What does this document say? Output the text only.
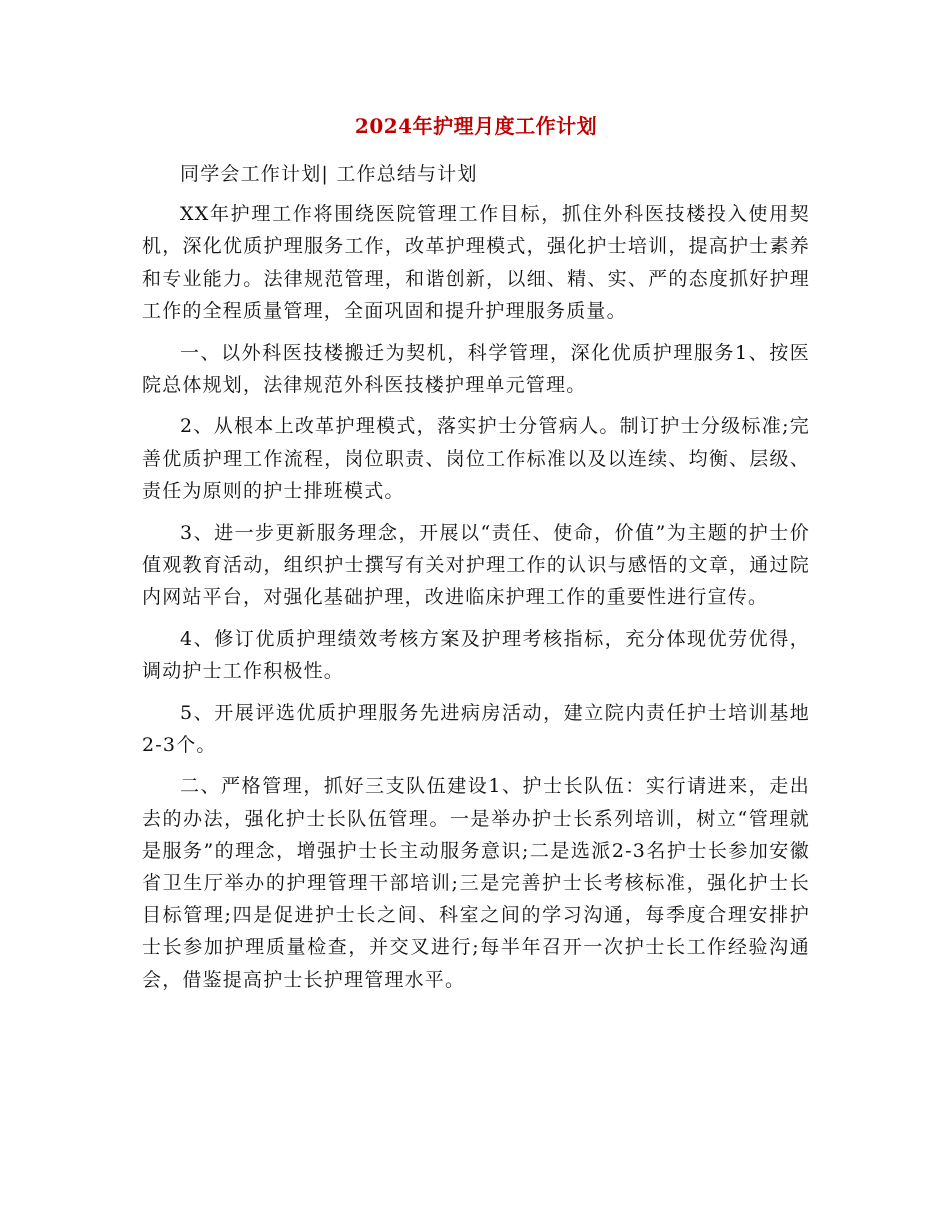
2024年护理月度工作计划

同学会工作计划| 工作总结与计划

XX年护理工作将围绕医院管理工作目标，抓住外科医技楼投入使用契机，深化优质护理服务工作，改革护理模式，强化护士培训，提高护士素养和专业能力。法律规范管理，和谐创新，以细、精、实、严的态度抓好护理工作的全程质量管理，全面巩固和提升护理服务质量。

一、以外科医技楼搬迁为契机，科学管理，深化优质护理服务1、按医院总体规划，法律规范外科医技楼护理单元管理。

2、从根本上改革护理模式，落实护士分管病人。制订护士分级标准;完善优质护理工作流程，岗位职责、岗位工作标准以及以连续、均衡、层级、责任为原则的护士排班模式。

3、进一步更新服务理念，开展以“责任、使命，价值”为主题的护士价值观教育活动，组织护士撰写有关对护理工作的认识与感悟的文章，通过院内网站平台，对强化基础护理，改进临床护理工作的重要性进行宣传。

4、修订优质护理绩效考核方案及护理考核指标，充分体现优劳优得，调动护士工作积极性。

5、开展评选优质护理服务先进病房活动，建立院内责任护士培训基地2-3个。

二、严格管理，抓好三支队伍建设1、护士长队伍：实行请进来，走出去的办法，强化护士长队伍管理。一是举办护士长系列培训，树立“管理就是服务”的理念，增强护士长主动服务意识;二是选派2-3名护士长参加安徽省卫生厅举办的护理管理干部培训;三是完善护士长考核标准，强化护士长目标管理;四是促进护士长之间、科室之间的学习沟通，每季度合理安排护士长参加护理质量检查，并交叉进行;每半年召开一次护士长工作经验沟通会，借鉴提高护士长护理管理水平。
